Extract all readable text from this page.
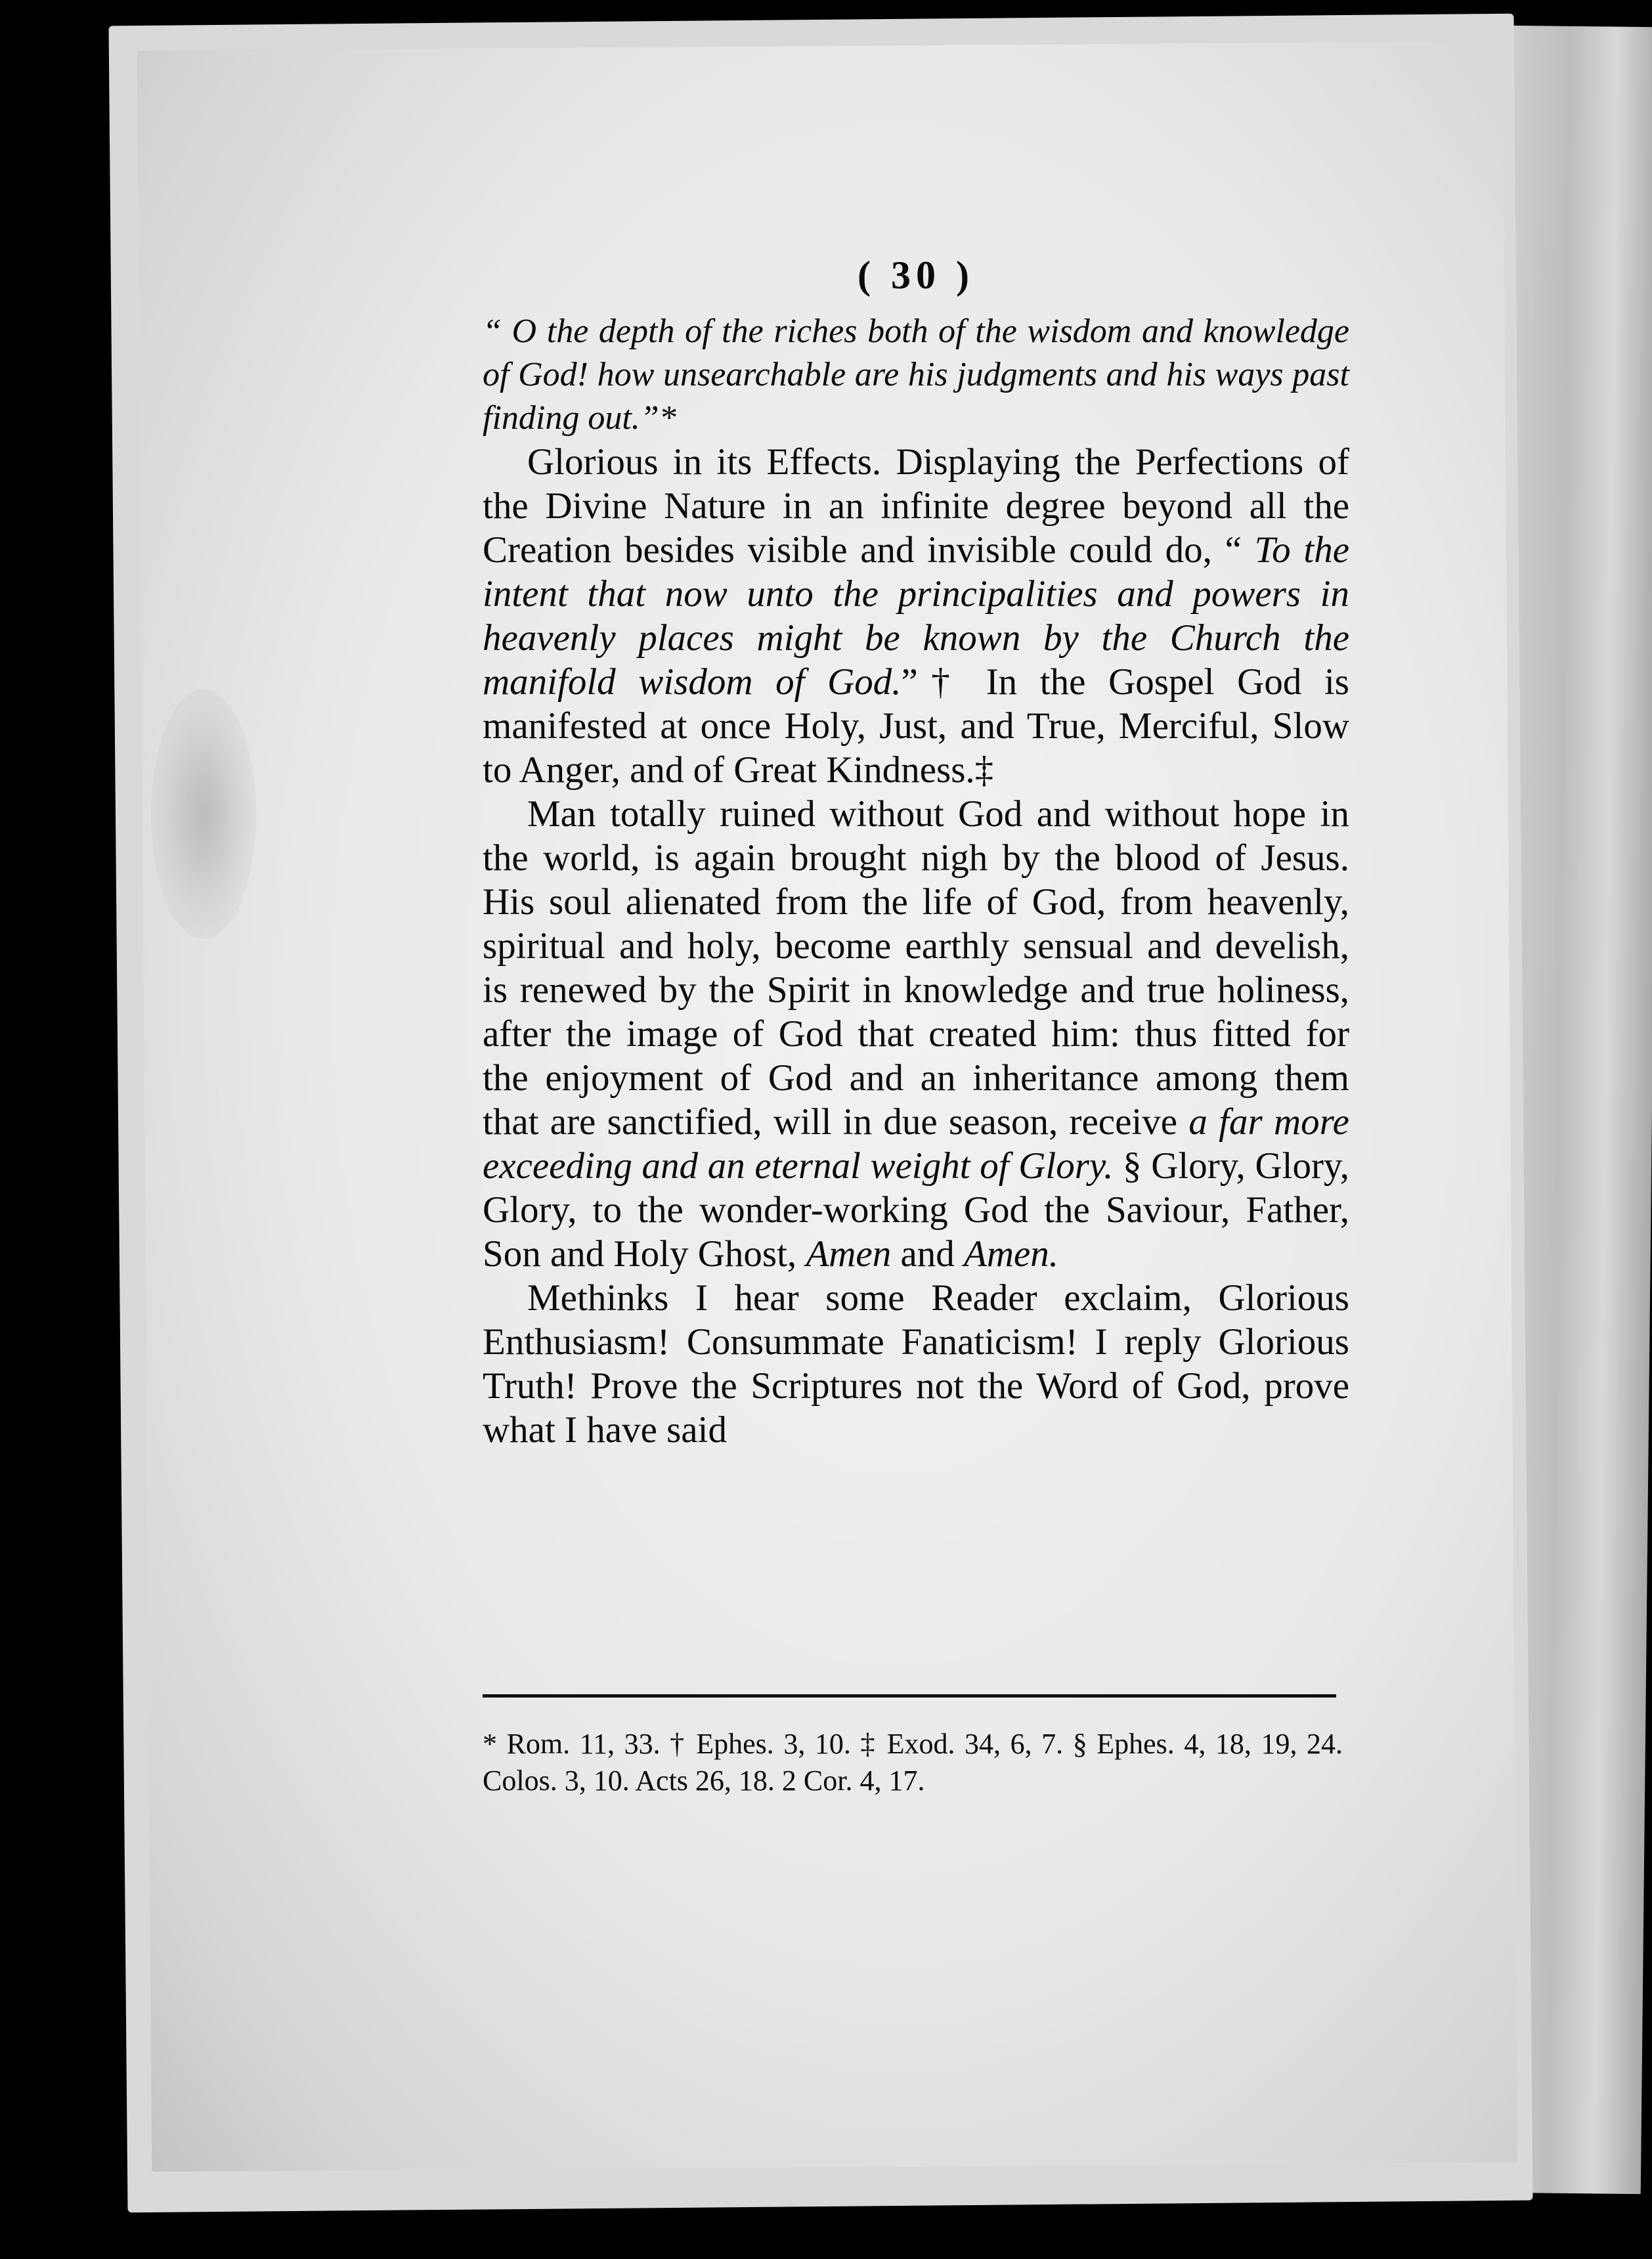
( 30 )

“ O the depth of the riches both of the wisdom and knowledge of God! how unsearchable are his judgments and his ways past finding out.”*

Glorious in its Effects. Displaying the Perfections of the Divine Nature in an infinite degree beyond all the Creation besides visible and invisible could do, “ To the intent that now unto the principalities and powers in heavenly places might be known by the Church the manifold wisdom of God.”† In the Gospel God is manifested at once Holy, Just, and True, Merciful, Slow to Anger, and of Great Kindness.‡

Man totally ruined without God and without hope in the world, is again brought nigh by the blood of Jesus. His soul alienated from the life of God, from heavenly, spiritual and holy, become earthly sensual and develish, is renewed by the Spirit in knowledge and true holiness, after the image of God that created him: thus fitted for the enjoyment of God and an inheritance among them that are sanctified, will in due season, receive a far more exceeding and an eternal weight of Glory. § Glory, Glory, Glory, to the wonder-working God the Saviour, Father, Son and Holy Ghost, Amen and Amen.

Methinks I hear some Reader exclaim, Glorious Enthusiasm! Consummate Fanaticism! I reply Glorious Truth! Prove the Scriptures not the Word of God, prove what I have said

* Rom. 11, 33. † Ephes. 3, 10. ‡ Exod. 34, 6, 7. § Ephes. 4, 18, 19, 24. Colos. 3, 10. Acts 26, 18. 2 Cor. 4, 17.
